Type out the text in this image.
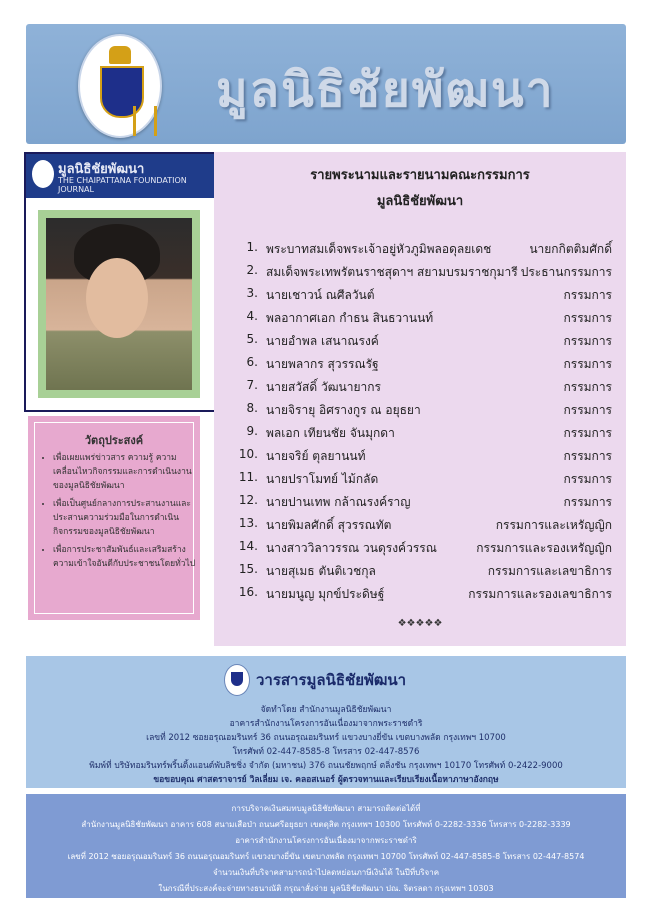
มูลนิธิชัยพัฒนา
มูลนิธิชัยพัฒนา
THE CHAIPATTANA FOUNDATION JOURNAL
วัตถุประสงค์
• เพื่อเผยแพร่ข่าวสาร ความรู้ ความเคลื่อนไหวกิจกรรมและการดำเนินงานของมูลนิธิชัยพัฒนา
• เพื่อเป็นศูนย์กลางการประสานงานและประสานความร่วมมือในการดำเนินกิจกรรมของมูลนิธิชัยพัฒนา
• เพื่อการประชาสัมพันธ์และเสริมสร้างความเข้าใจอันดีกับประชาชนโดยทั่วไป
รายพระนามและรายนามคณะกรรมการ
มูลนิธิชัยพัฒนา
1. พระบาทสมเด็จพระเจ้าอยู่หัวภูมิพลอดุลยเดช	นายกกิตติมศักดิ์
2. สมเด็จพระเทพรัตนราชสุดาฯ สยามบรมราชกุมารี ประธานกรรมการ
3. นายเชาวน์ ณศีลวันต์	กรรมการ
4. พลอากาศเอก กำธน สินธวานนท์	กรรมการ
5. นายอำพล เสนาณรงค์	กรรมการ
6. นายพลากร สุวรรณรัฐ	กรรมการ
7. นายสวัสดิ์ วัฒนายากร	กรรมการ
8. นายจิรายุ อิศรางกูร ณ อยุธยา	กรรมการ
9. พลเอก เทียนชัย จันมุกดา	กรรมการ
10. นายจริย์ ตุลยานนท์	กรรมการ
11. นายปราโมทย์ ไม้กลัด	กรรมการ
12. นายปานเทพ กล้าณรงค์ราญ	กรรมการ
13. นายพิมลศักดิ์ สุวรรณทัต	กรรมการและเหรัญญิก
14. นางสาววิลาวรรณ วนดุรงค์วรรณ	กรรมการและรองเหรัญญิก
15. นายสุเมธ ตันติเวชกุล	กรรมการและเลขาธิการ
16. นายมนูญ มุกข์ประดิษฐ์	กรรมการและรองเลขาธิการ
❖❖❖❖❖
วารสารมูลนิธิชัยพัฒนา
จัดทำโดย สำนักงานมูลนิธิชัยพัฒนา
อาคารสำนักงานโครงการอันเนื่องมาจากพระราชดำริ
เลขที่ 2012 ซอยอรุณอมรินทร์ 36 ถนนอรุณอมรินทร์ แขวงบางยี่ขัน เขตบางพลัด กรุงเทพฯ 10700
โทรศัพท์ 02-447-8585-8 โทรสาร 02-447-8576
พิมพ์ที่ บริษัทอมรินทร์พริ้นติ้งแอนด์พับลิชชิ่ง จำกัด (มหาชน) 376 ถนนชัยพฤกษ์ ตลิ่งชัน กรุงเทพฯ 10170 โทรศัพท์ 0-2422-9000
ขอขอบคุณ ศาสตราจารย์ วิลเลี่ยม เจ. คลอสเนอร์ ผู้ตรวจทานและเรียบเรียงเนื้อหาภาษาอังกฤษ
การบริจาคเงินสมทบมูลนิธิชัยพัฒนา สามารถติดต่อได้ที่
สำนักงานมูลนิธิชัยพัฒนา อาคาร 608 สนามเสือป่า ถนนศรีอยุธยา เขตดุสิต กรุงเทพฯ 10300 โทรศัพท์ 0-2282-3336 โทรสาร 0-2282-3339
อาคารสำนักงานโครงการอันเนื่องมาจากพระราชดำริ
เลขที่ 2012 ซอยอรุณอมรินทร์ 36 ถนนอรุณอมรินทร์ แขวงบางยี่ขัน เขตบางพลัด กรุงเทพฯ 10700 โทรศัพท์ 02-447-8585-8 โทรสาร 02-447-8574
จำนวนเงินที่บริจาคสามารถนำไปลดหย่อนภาษีเงินได้ ในปีที่บริจาค
ในกรณีที่ประสงค์จะจ่ายทางธนาณัติ กรุณาสั่งจ่าย มูลนิธิชัยพัฒนา ปณ. จิตรลดา กรุงเทพฯ 10303
